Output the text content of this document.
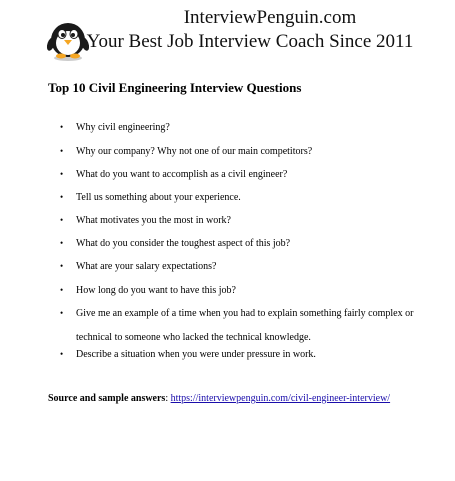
InterviewPenguin.com
Your Best Job Interview Coach Since 2011
Top 10 Civil Engineering Interview Questions
• Why civil engineering?
• Why our company? Why not one of our main competitors?
• What do you want to accomplish as a civil engineer?
• Tell us something about your experience.
• What motivates you the most in work?
• What do you consider the toughest aspect of this job?
• What are your salary expectations?
• How long do you want to have this job?
• Give me an example of a time when you had to explain something fairly complex or
technical to someone who lacked the technical knowledge.
• Describe a situation when you were under pressure in work.
Source and sample answers: https://interviewpenguin.com/civil-engineer-interview/
